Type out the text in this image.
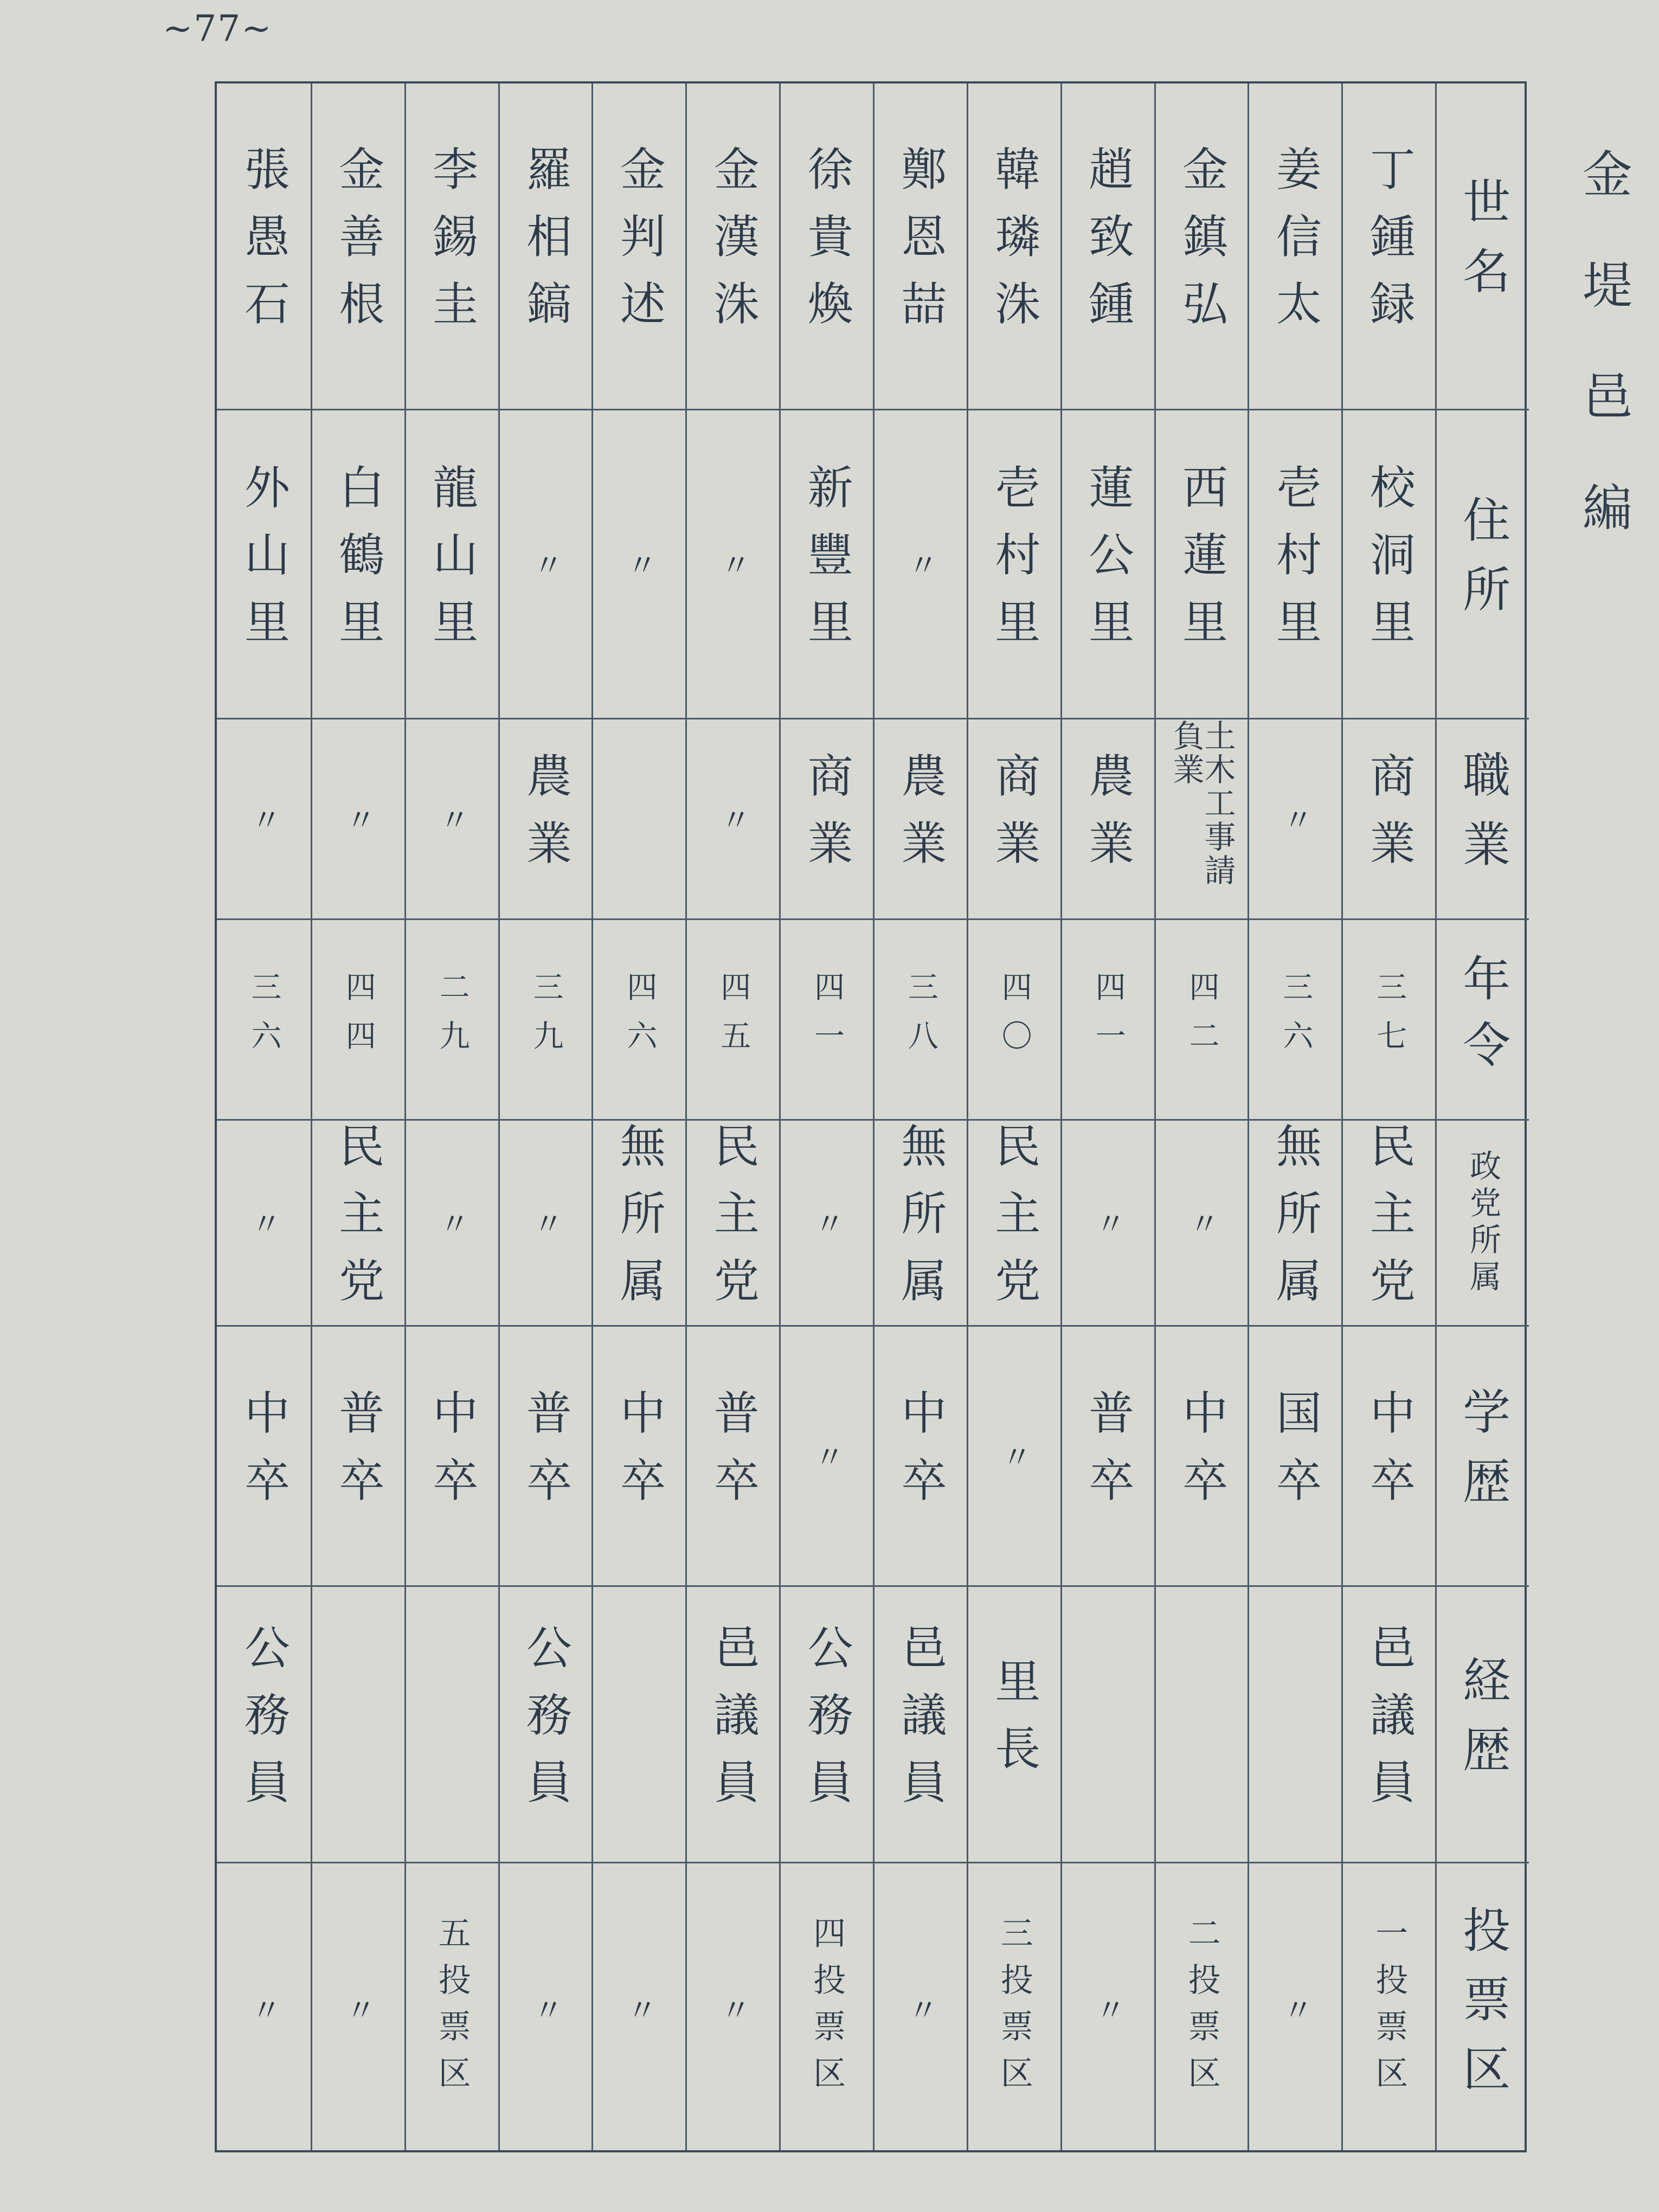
~77~
金堤邑編
張愚石
外山里
〃
三六
〃
中卒
公務員
〃
金善根
白鶴里
〃
四四
民主党
普卒
〃
李錫圭
龍山里
〃
二九
〃
中卒
五投票区
羅相鎬
〃
農業
三九
〃
普卒
公務員
〃
金判述
〃
四六
無所属
中卒
〃
金漢洙
〃
〃
四五
民主党
普卒
邑議員
〃
徐貴煥
新豐里
商業
四一
〃
〃
公務員
四投票区
鄭恩喆
〃
農業
三八
無所属
中卒
邑議員
〃
韓璘洙
壱村里
商業
四〇
民主党
〃
里長
三投票区
趙致鍾
蓮公里
農業
四一
〃
普卒
〃
金鎮弘
西蓮里
土木工事請負業
四二
〃
中卒
二投票区
姜信太
壱村里
〃
三六
無所属
国卒
〃
丁鍾録
校洞里
商業
三七
民主党
中卒
邑議員
一投票区
世名
住所
職業
年令
政党所属
学歴
経歴
投票区
